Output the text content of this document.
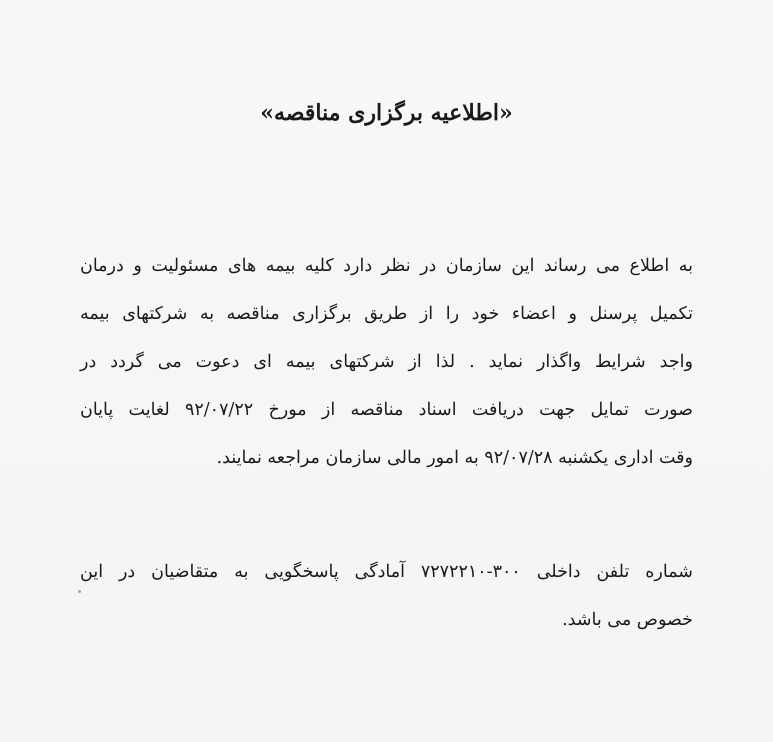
«اطلاعیه برگزاری مناقصه»
به اطلاع می رساند این سازمان در نظر دارد کلیه بیمه های مسئولیت و درمان
تکمیل پرسنل و اعضاء خود را از طریق برگزاری مناقصه به شرکتهای بیمه
واجد شرایط واگذار نماید . لذا از شرکتهای بیمه ای دعوت می گردد در
صورت تمایل جهت دریافت اسناد مناقصه از مورخ ۹۲/۰۷/۲۲ لغایت پایان
وقت اداری یکشنبه ۹۲/۰۷/۲۸ به امور مالی سازمان مراجعه نمایند.
شماره تلفن داخلی ۳۰۰-۷۲۷۲۲۱۰ آمادگی پاسخگویی به متقاضیان در این
خصوص می باشد.
